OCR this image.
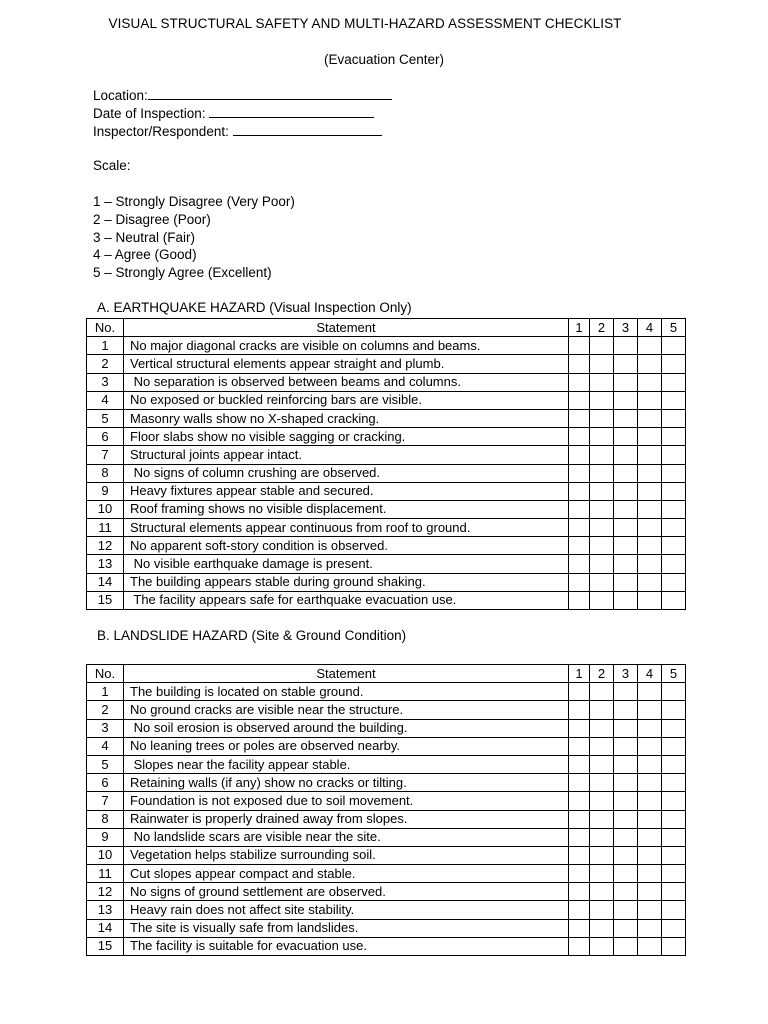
VISUAL STRUCTURAL SAFETY AND MULTI-HAZARD ASSESSMENT CHECKLIST
(Evacuation Center)
Location:
Date of Inspection:
Inspector/Respondent:
Scale:
1 – Strongly Disagree (Very Poor)
2 – Disagree (Poor)
3 – Neutral (Fair)
4 – Agree (Good)
5 – Strongly Agree (Excellent)
A. EARTHQUAKE HAZARD (Visual Inspection Only)
No.	Statement	1	2	3	4	5
1	No major diagonal cracks are visible on columns and beams.					
2	Vertical structural elements appear straight and plumb.					
3	No separation is observed between beams and columns.					
4	No exposed or buckled reinforcing bars are visible.					
5	Masonry walls show no X-shaped cracking.					
6	Floor slabs show no visible sagging or cracking.					
7	Structural joints appear intact.					
8	No signs of column crushing are observed.					
9	Heavy fixtures appear stable and secured.					
10	Roof framing shows no visible displacement.					
11	Structural elements appear continuous from roof to ground.					
12	No apparent soft-story condition is observed.					
13	No visible earthquake damage is present.					
14	The building appears stable during ground shaking.					
15	The facility appears safe for earthquake evacuation use.					
B. LANDSLIDE HAZARD (Site & Ground Condition)
No.	Statement	1	2	3	4	5
1	The building is located on stable ground.					
2	No ground cracks are visible near the structure.					
3	No soil erosion is observed around the building.					
4	No leaning trees or poles are observed nearby.					
5	Slopes near the facility appear stable.					
6	Retaining walls (if any) show no cracks or tilting.					
7	Foundation is not exposed due to soil movement.					
8	Rainwater is properly drained away from slopes.					
9	No landslide scars are visible near the site.					
10	Vegetation helps stabilize surrounding soil.					
11	Cut slopes appear compact and stable.					
12	No signs of ground settlement are observed.					
13	Heavy rain does not affect site stability.					
14	The site is visually safe from landslides.					
15	The facility is suitable for evacuation use.					
